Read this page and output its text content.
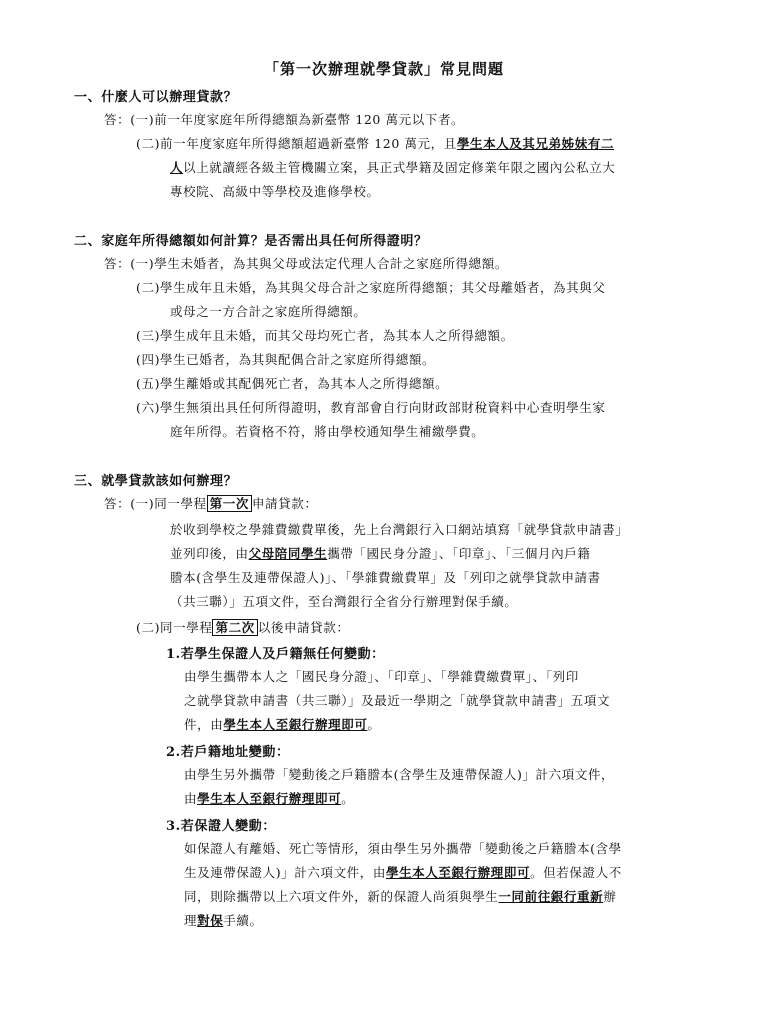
「第一次辦理就學貸款」常見問題
一、什麼人可以辦理貸款？
答：(一)前一年度家庭年所得總額為新臺幣 120 萬元以下者。
(二)前一年度家庭年所得總額超過新臺幣 120 萬元，且學生本人及其兄弟姊妹有二
人以上就讀經各級主管機關立案，具正式學籍及固定修業年限之國內公私立大
專校院、高級中等學校及進修學校。
二、家庭年所得總額如何計算？是否需出具任何所得證明？
答：(一)學生未婚者，為其與父母或法定代理人合計之家庭所得總額。
(二)學生成年且未婚，為其與父母合計之家庭所得總額；其父母離婚者，為其與父
或母之一方合計之家庭所得總額。
(三)學生成年且未婚，而其父母均死亡者，為其本人之所得總額。
(四)學生已婚者，為其與配偶合計之家庭所得總額。
(五)學生離婚或其配偶死亡者，為其本人之所得總額。
(六)學生無須出具任何所得證明，教育部會自行向財政部財稅資料中心查明學生家
庭年所得。若資格不符，將由學校通知學生補繳學費。
三、就學貸款該如何辦理？
答：(一)同一學程 第一次 申請貸款：
於收到學校之學雜費繳費單後，先上台灣銀行入口網站填寫「就學貸款申請書」
並列印後，由父母陪同學生攜帶「國民身分證」、「印章」、「三個月內戶籍
謄本(含學生及連帶保證人)」、「學雜費繳費單」及「列印之就學貸款申請書
（共三聯）」五項文件，至台灣銀行全省分行辦理對保手續。
(二)同一學程 第二次 以後申請貸款：
1.若學生保證人及戶籍無任何變動：
由學生攜帶本人之「國民身分證」、「印章」、「學雜費繳費單」、「列印
之就學貸款申請書（共三聯）」及最近一學期之「就學貸款申請書」五項文
件，由學生本人至銀行辦理即可。
2.若戶籍地址變動：
由學生另外攜帶「變動後之戶籍謄本(含學生及連帶保證人)」計六項文件，
由學生本人至銀行辦理即可。
3.若保證人變動：
如保證人有離婚、死亡等情形，須由學生另外攜帶「變動後之戶籍謄本(含學
生及連帶保證人)」計六項文件，由學生本人至銀行辦理即可。但若保證人不
同，則除攜帶以上六項文件外，新的保證人尚須與學生一同前往銀行重新辦
理對保手續。
